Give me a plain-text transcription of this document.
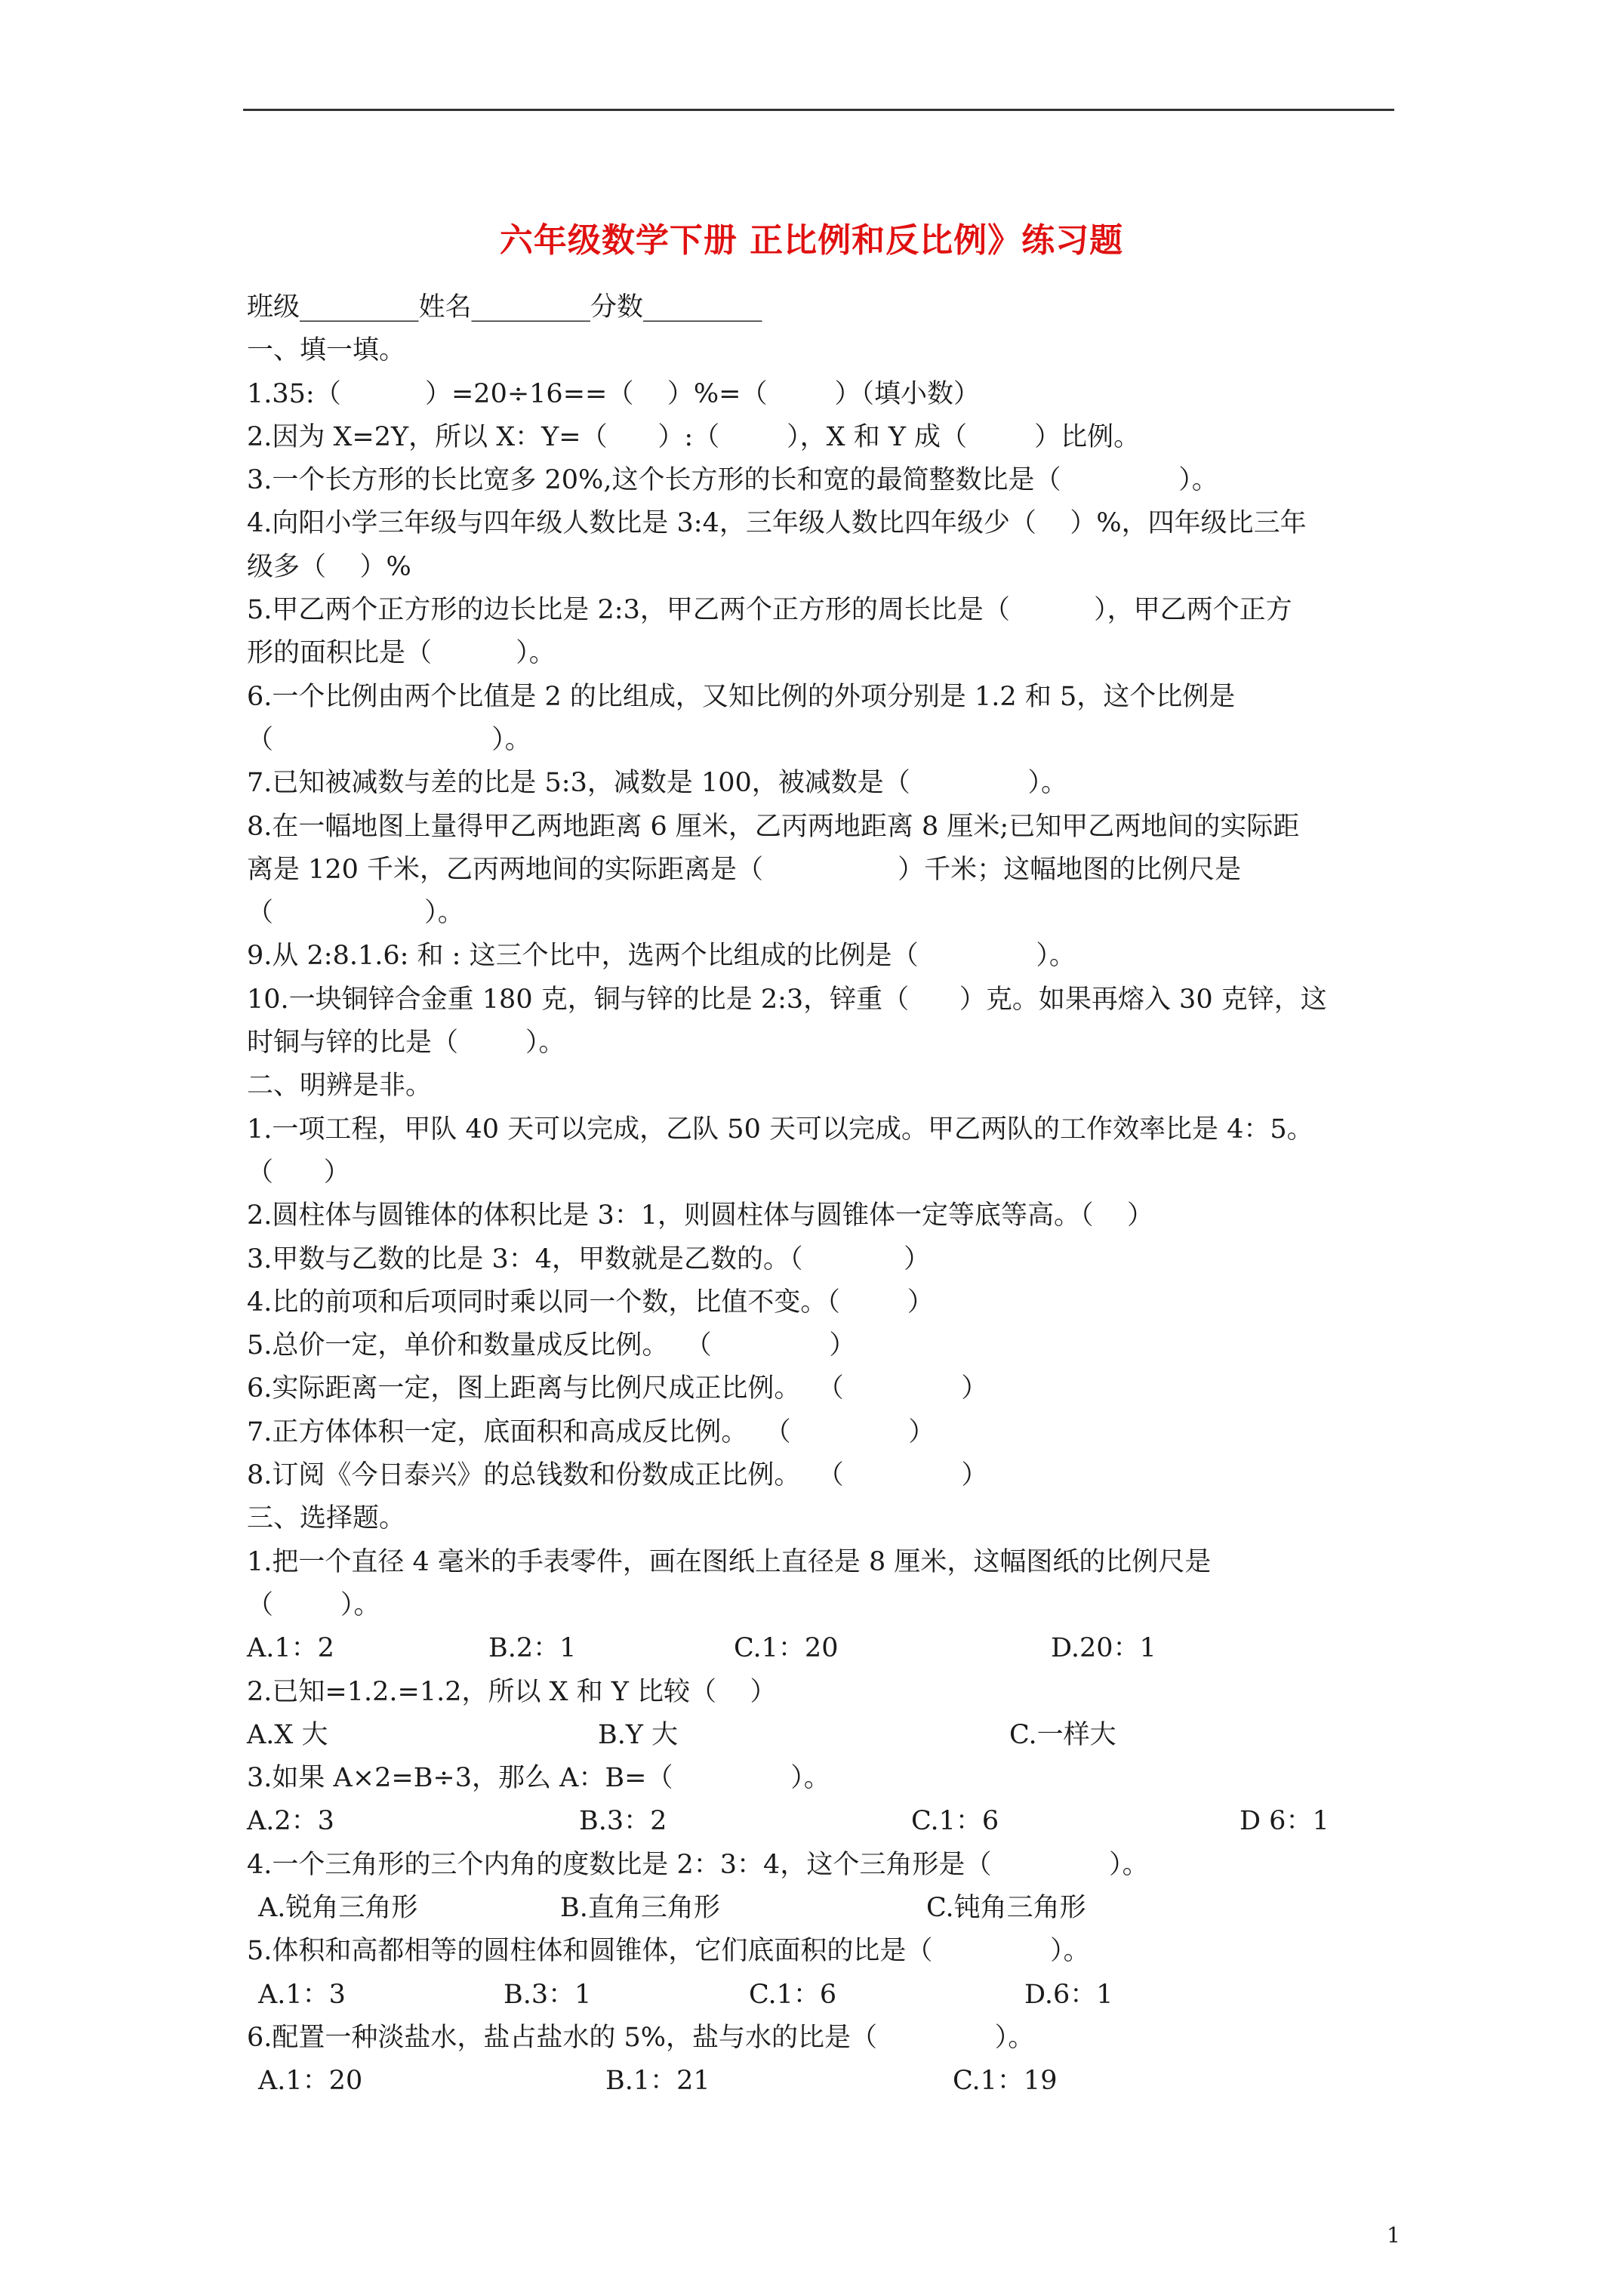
六年级数学下册 正比例和反比例》练习题

班级_________姓名_________分数_________

一、填一填。

1.35:（          ）=20÷16==（    ）%=（        ）（填小数）

2.因为 X=2Y，所以 X：Y=（      ）:（        ），X 和 Y 成（        ）比例。

3.一个长方形的长比宽多 20%,这个长方形的长和宽的最简整数比是（              ）。

4.向阳小学三年级与四年级人数比是 3:4，三年级人数比四年级少（    ）%，四年级比三年

级多（    ）%

5.甲乙两个正方形的边长比是 2:3，甲乙两个正方形的周长比是（          ），甲乙两个正方

形的面积比是（          ）。

6.一个比例由两个比值是 2 的比组成，又知比例的外项分别是 1.2 和 5，这个比例是

（                          ）。

7.已知被减数与差的比是 5:3，减数是 100，被减数是（              ）。

8.在一幅地图上量得甲乙两地距离 6 厘米，乙丙两地距离 8 厘米;已知甲乙两地间的实际距

离是 120 千米，乙丙两地间的实际距离是（                ）千米；这幅地图的比例尺是

（                  ）。

9.从 2:8.1.6: 和 : 这三个比中，选两个比组成的比例是（              ）。

10.一块铜锌合金重 180 克，铜与锌的比是 2:3，锌重（      ）克。如果再熔入 30 克锌，这

时铜与锌的比是（        ）。

二、明辨是非。

1.一项工程，甲队 40 天可以完成，乙队 50 天可以完成。甲乙两队的工作效率比是 4：5。

（      ）

2.圆柱体与圆锥体的体积比是 3：1，则圆柱体与圆锥体一定等底等高。（    ）

3.甲数与乙数的比是 3：4，甲数就是乙数的。（            ）

4.比的前项和后项同时乘以同一个数，比值不变。（        ）

5.总价一定，单价和数量成反比例。  （              ）

6.实际距离一定，图上距离与比例尺成正比例。  （              ）

7.正方体体积一定，底面积和高成反比例。  （              ）

8.订阅《今日泰兴》的总钱数和份数成正比例。  （              ）

三、选择题。

1.把一个直径 4 毫米的手表零件，画在图纸上直径是 8 厘米，这幅图纸的比例尺是

（        ）。

A.1：2	B.2：1	C.1：20	D.20：1

2.已知=1.2.=1.2，所以 X 和 Y 比较（    ）

A.X 大	B.Y 大	C.一样大

3.如果 A×2=B÷3，那么 A：B=（              ）。

A.2：3	B.3：2	C.1：6	D 6：1

4.一个三角形的三个内角的度数比是 2：3：4，这个三角形是（              ）。

A.锐角三角形	B.直角三角形	C.钝角三角形

5.体积和高都相等的圆柱体和圆锥体，它们底面积的比是（              ）。

A.1：3	B.3：1	C.1：6	D.6：1

6.配置一种淡盐水，盐占盐水的 5%，盐与水的比是（              ）。

A.1：20	B.1：21	C.1：19
1
